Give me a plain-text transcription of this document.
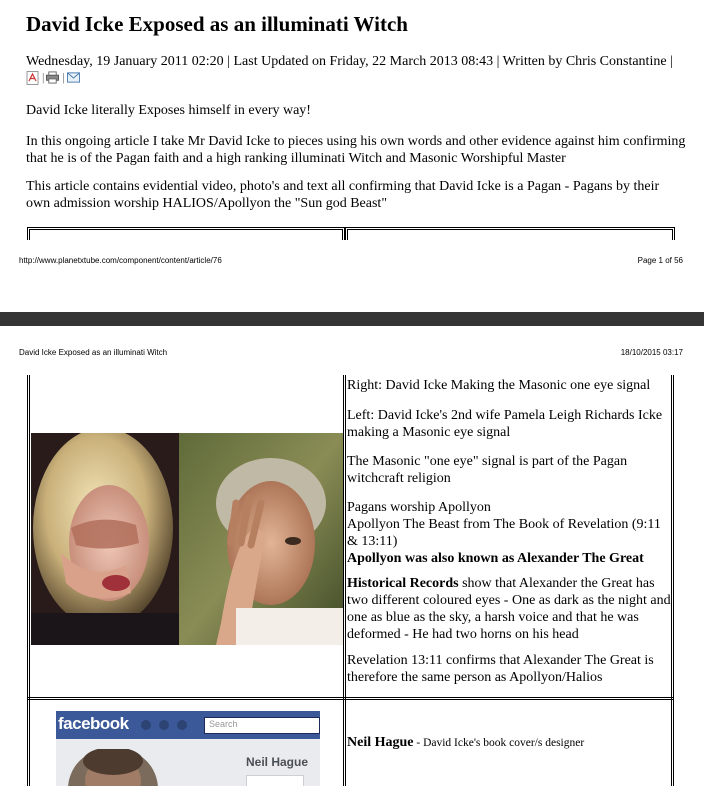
David Icke Exposed as an illuminati Witch
Wednesday, 19 January 2011 02:20 | Last Updated on Friday, 22 March 2013 08:43 | Written by Chris Constantine |
| |

David Icke literally Exposes himself in every way!

In this ongoing article I take Mr David Icke to pieces using his own words and other evidence against him confirming that he is of the Pagan faith and a high ranking illuminati Witch and Masonic Worshipful Master

This article contains evidential video, photo's and text all confirming that David Icke is a Pagan - Pagans by their own admission worship HALIOS/Apollyon the "Sun god Beast"

http://www.planetxtube.com/component/content/article/76	Page 1 of 56
David Icke Exposed as an illuminati Witch	18/10/2015 03:17

Right: David Icke Making the Masonic one eye signal

Left: David Icke's 2nd wife Pamela Leigh Richards Icke making a Masonic eye signal

The Masonic "one eye" signal is part of the Pagan witchcraft religion

Pagans worship Apollyon
Apollyon The Beast from The Book of Revelation (9:11 & 13:11)
Apollyon was also known as Alexander The Great

Historical Records show that Alexander the Great has two different coloured eyes - One as dark as the night and one as blue as the sky, a harsh voice and that he was deformed - He had two horns on his head

Revelation 13:11 confirms that Alexander The Great is therefore the same person as Apollyon/Halios

facebook	Search
Neil Hague

Neil Hague - David Icke's book cover/s designer
